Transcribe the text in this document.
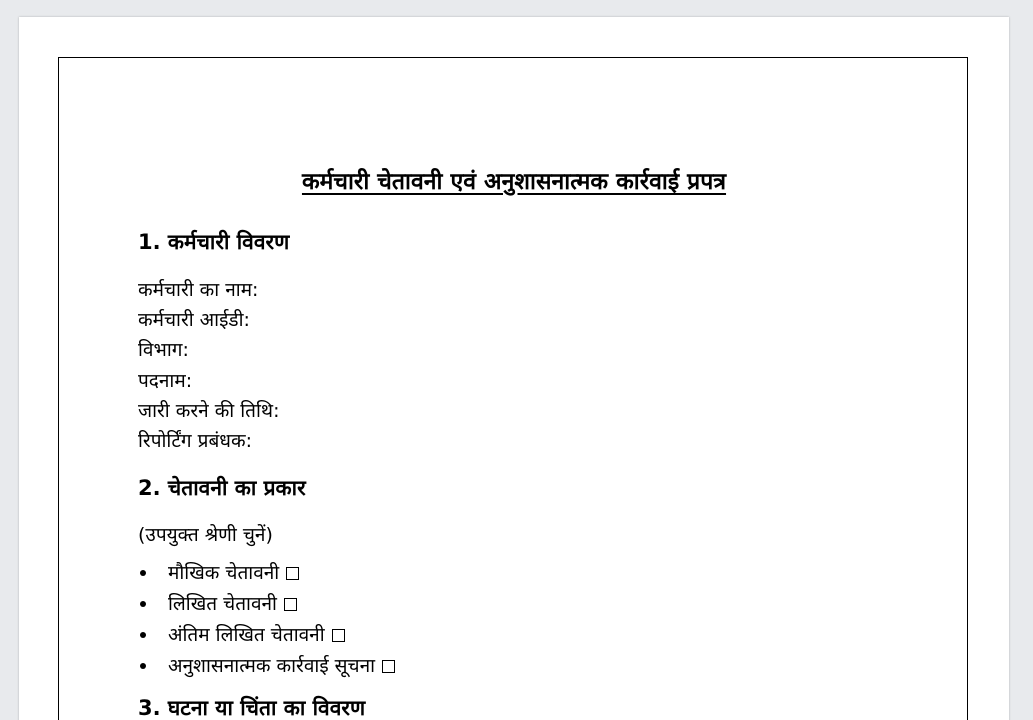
कर्मचारी चेतावनी एवं अनुशासनात्मक कार्रवाई प्रपत्र
1. कर्मचारी विवरण
कर्मचारी का नाम:
कर्मचारी आईडी:
विभाग:
पदनाम:
जारी करने की तिथि:
रिपोर्टिंग प्रबंधक:
2. चेतावनी का प्रकार
(उपयुक्त श्रेणी चुनें)
मौखिक चेतावनी
लिखित चेतावनी
अंतिम लिखित चेतावनी
अनुशासनात्मक कार्रवाई सूचना
3. घटना या चिंता का विवरण
